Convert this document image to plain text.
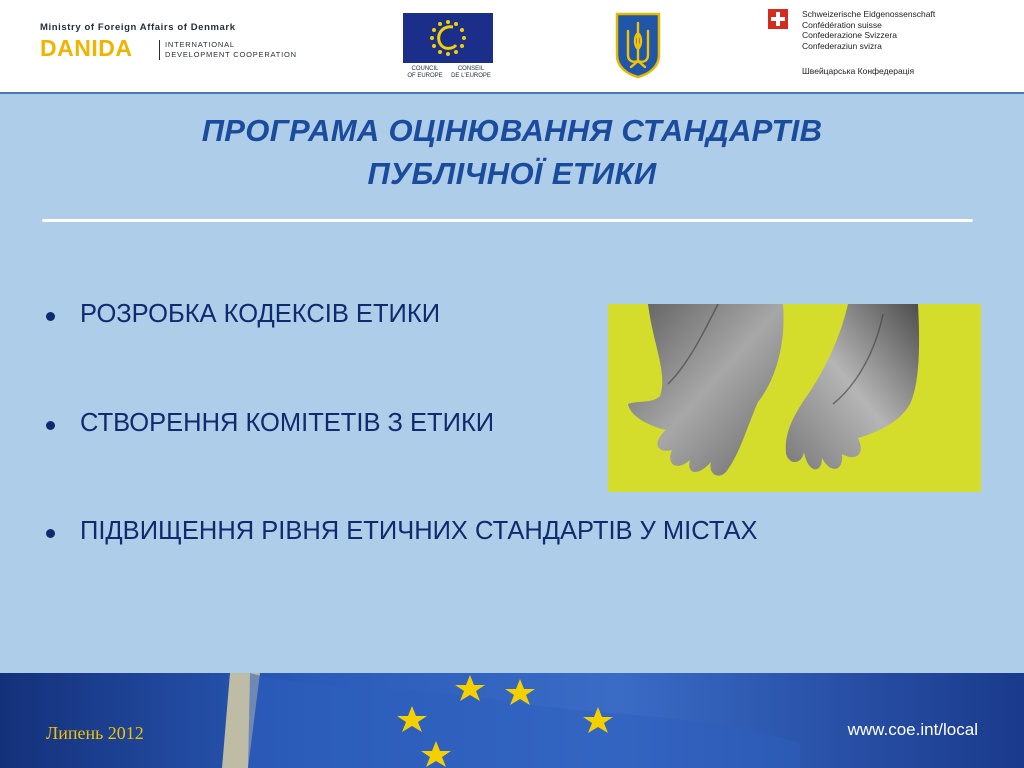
Ministry of Foreign Affairs of Denmark
DANIDA	INTERNATIONAL
DEVELOPMENT COOPERATION
COUNCIL
OF EUROPE
CONSEIL
DE L'EUROPE
Schweizerische Eidgenossenschaft
Confédération suisse
Confederazione Svizzera
Confederaziun svizra
Швейцарська Конфедерація
ПРОГРАМА ОЦІНЮВАННЯ СТАНДАРТІВ
ПУБЛІЧНОЇ ЕТИКИ
РОЗРОБКА КОДЕКСІВ ЕТИКИ
СТВОРЕННЯ КОМІТЕТІВ З ЕТИКИ
ПІДВИЩЕННЯ РІВНЯ ЕТИЧНИХ СТАНДАРТІВ У МІСТАХ
Липень 2012	www.coe.int/local
